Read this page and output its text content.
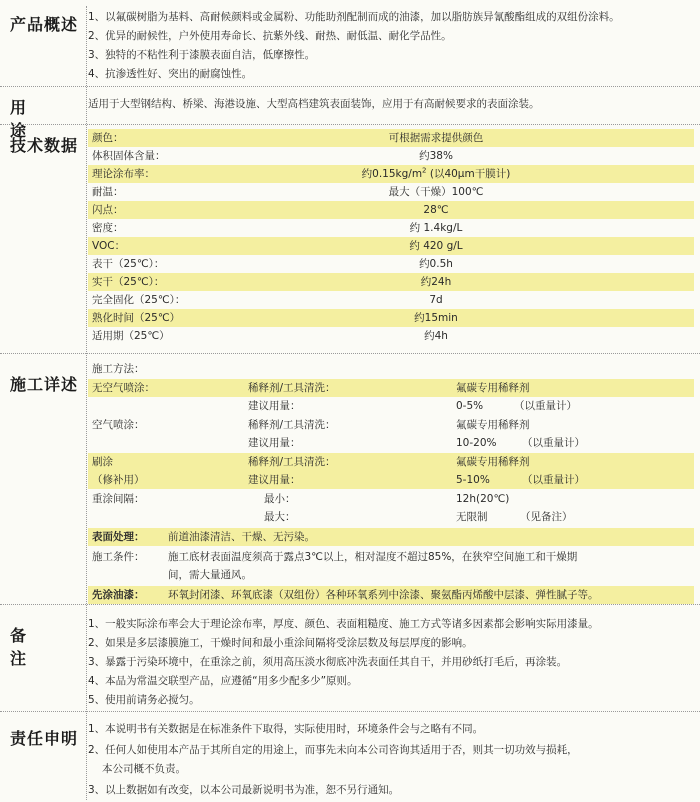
产品概述 1、以氟碳树脂为基料、高耐候颜料或金属粉、功能助剂配制而成的油漆，加以脂肪族异氰酸酯组成的双组份涂料。
2、优异的耐候性，户外使用寿命长、抗紫外线、耐热、耐低温、耐化学品性。
3、独特的不粘性利于漆膜表面自洁，低摩擦性。
4、抗渗透性好、突出的耐腐蚀性。
用途
适用于大型钢结构、桥梁、海港设施、大型高档建筑表面装饰，应用于有高耐候要求的表面涂装。
技术数据	颜色：	可根据需求提供颜色
体积固体含量：	约38%
理论涂布率：	约$0.15kg/m^2$ (以40μm干膜计)
耐温：	最大（干燥）100℃
闪点：	28℃
密度：	约 1.4kg/L
VOC：	约 420 g/L
表干（25℃）：	约0.5h
实干（25℃）：	约24h
完全固化（25℃）：	7d
熟化时间（25℃）	约15min
适用期（25℃）	约4h
施工详述
施工方法：
无空气喷涂：	稀释剂/工具清洗：	氟碳专用稀释剂
建议用量：	0-5%	（以重量计）
空气喷涂：	稀释剂/工具清洗：	氟碳专用稀释剂
建议用量：	10-20% （以重量计）
刷涂	稀释剂/工具清洗：	氟碳专用稀释剂
（修补用）	建议用量：	5-10%	（以重量计）
重涂间隔：	最小：	12h(20℃)
最大：	无限制	（见备注）
表面处理： 前道油漆清洁、干燥、无污染。
施工条件： 施工底材表面温度须高于露点3℃以上，相对湿度不超过85%，在狭窄空间施工和干燥期
间，需大量通风。
先涂油漆： 环氧封闭漆、环氧底漆（双组份）各种环氧系列中涂漆、聚氨酯丙烯酸中层漆、弹性腻子等。
备注
1、一般实际涂布率会大于理论涂布率，厚度、颜色、表面粗糙度、施工方式等诸多因素都会影响实际用漆量。
2、如果是多层漆膜施工，干燥时间和最小重涂间隔将受涂层数及每层厚度的影响。
3、暴露于污染环境中，在重涂之前，须用高压淡水彻底冲洗表面任其自干，并用砂纸打毛后，再涂装。
4、本品为常温交联型产品，应遵循“用多少配多少”原则。
5、使用前请务必搅匀。
责任申明 1、本说明书有关数据是在标准条件下取得，实际使用时，环境条件会与之略有不同。
2、任何人如使用本产品于其所自定的用途上，而事先未向本公司咨询其适用于否，则其一切功效与损耗，
本公司概不负责。
3、以上数据如有改变，以本公司最新说明书为准，恕不另行通知。
